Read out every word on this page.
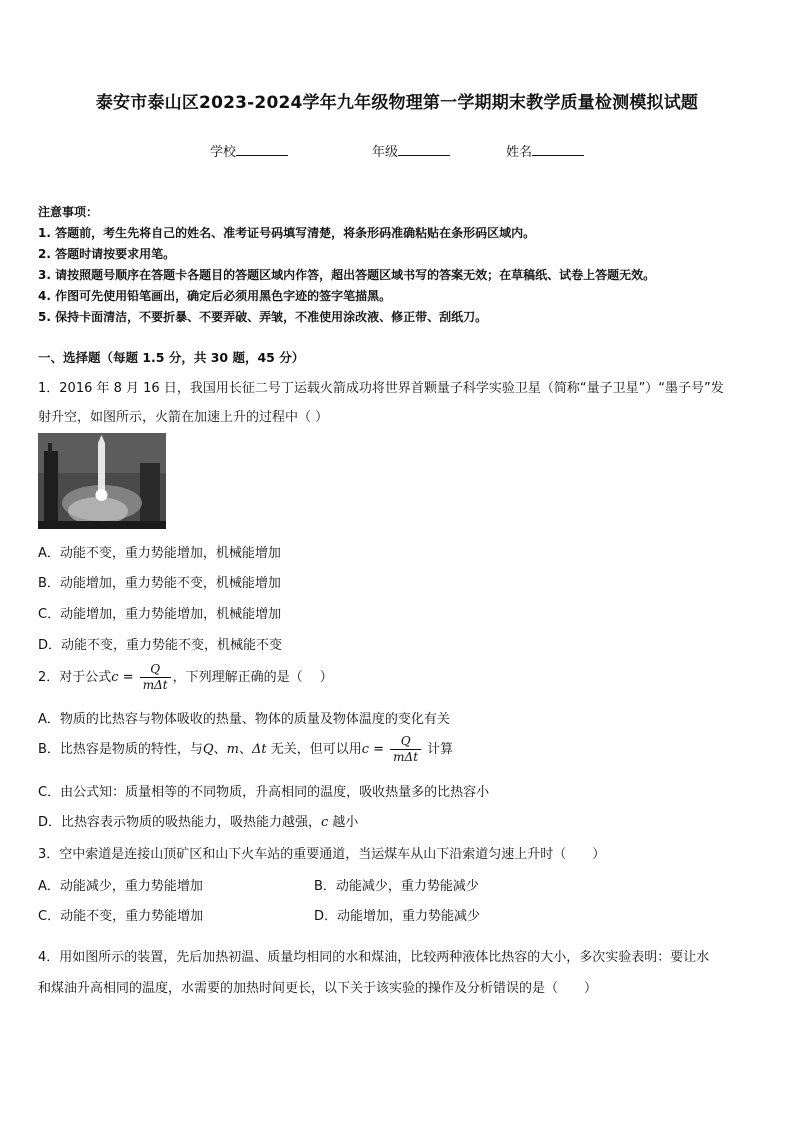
泰安市泰山区2023-2024学年九年级物理第一学期期末教学质量检测模拟试题
学校	年级	姓名
注意事项：
1. 答题前，考生先将自己的姓名、准考证号码填写清楚，将条形码准确粘贴在条形码区域内。
2. 答题时请按要求用笔。
3. 请按照题号顺序在答题卡各题目的答题区域内作答，超出答题区域书写的答案无效；在草稿纸、试卷上答题无效。
4. 作图可先使用铅笔画出，确定后必须用黑色字迹的签字笔描黑。
5. 保持卡面清洁，不要折暴、不要弄破、弄皱，不准使用涂改液、修正带、刮纸刀。
一、选择题（每题 1.5 分，共 30 题，45 分）
1．2016 年 8 月 16 日，我国用长征二号丁运载火箭成功将世界首颗量子科学实验卫星（简称“量子卫星”）“墨子号”发
射升空，如图所示，火箭在加速上升的过程中（ ）
A．动能不变，重力势能增加，机械能增加
B．动能增加，重力势能不变，机械能增加
C．动能增加，重力势能增加，机械能增加
D．动能不变，重力势能不变，机械能不变
2．对于公式$c = \frac{Q}{\text{mΔt}}$ ，下列理解正确的是（　 ）
A．物质的比热容与物体吸收的热量、物体的质量及物体温度的变化有关
B．比热容是物质的特性，与Q、m、Δt 无关，但可以用$c = \frac{Q}{\text{mΔt}}$ 计算
C．由公式知：质量相等的不同物质，升高相同的温度，吸收热量多的比热容小
D．比热容表示物质的吸热能力，吸热能力越强，c 越小
3．空中索道是连接山顶矿区和山下火车站的重要通道，当运煤车从山下沿索道匀速上升时（　　）
A．动能减少，重力势能增加	B．动能减少，重力势能减少
C．动能不变，重力势能增加	D．动能增加，重力势能减少
4．用如图所示的装置，先后加热初温、质量均相同的水和煤油，比较两种液体比热容的大小，多次实验表明：要让水
和煤油升高相同的温度，水需要的加热时间更长，以下关于该实验的操作及分析错误的是（　　）
